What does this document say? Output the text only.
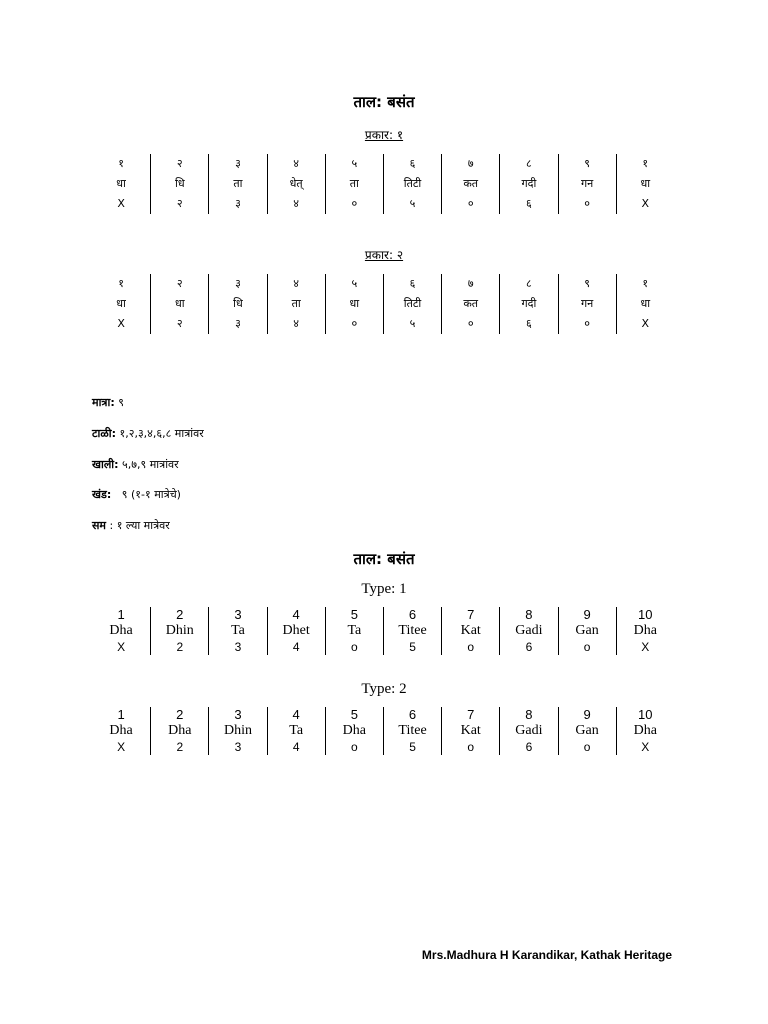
ताल: बसंत
प्रकार: १
१
धा
X
२
धि
२
३
ता
३
४
धेत्
४
५
ता
०
६
तिटी
५
७
कत
०
८
गदी
६
९
गन
०
१
धा
X
प्रकार: २
१
धा
X
२
धा
२
३
धि
३
४
ता
४
५
धा
०
६
तिटी
५
७
कत
०
८
गदी
६
९
गन
०
१
धा
X
मात्रा: ९
टाळी: १,२,३,४,६,८ मात्रांवर
खाली: ५,७,९ मात्रांवर
खंड:   ९ (१-१ मात्रेचे)
सम : १ ल्या मात्रेवर
ताल: बसंत
Type: 1
1
Dha
X
2
Dhin
2
3
Ta
3
4
Dhet
4
5
Ta
o
6
Titee
5
7
Kat
o
8
Gadi
6
9
Gan
o
10
Dha
X
Type: 2
1
Dha
X
2
Dha
2
3
Dhin
3
4
Ta
4
5
Dha
o
6
Titee
5
7
Kat
o
8
Gadi
6
9
Gan
o
10
Dha
X
Mrs.Madhura H Karandikar, Kathak Heritage
